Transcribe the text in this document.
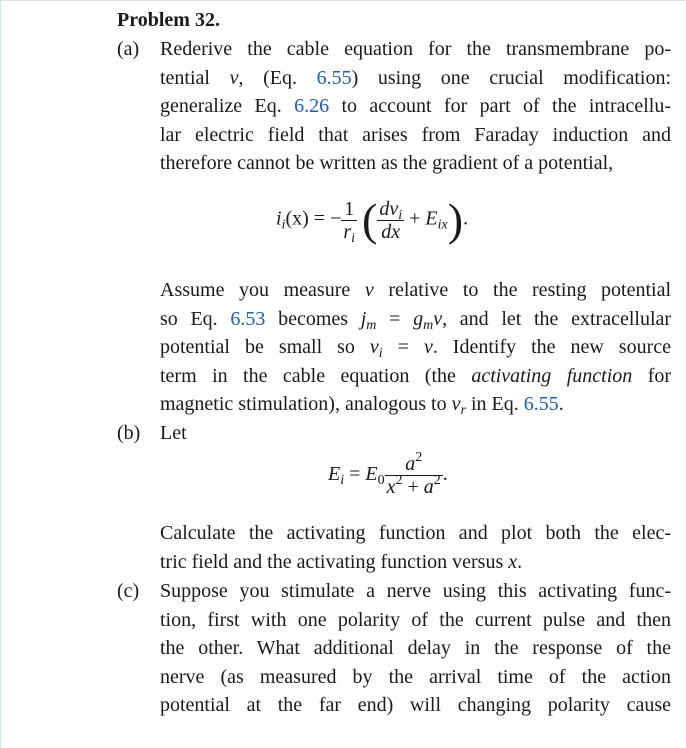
Problem 32.
(a)	Rederive the cable equation for the transmembrane po-
tential v, (Eq. 6.55) using one crucial modification:
generalize Eq. 6.26 to account for part of the intracellu-
lar electric field that arises from Faraday induction and
therefore cannot be written as the gradient of a potential,
$i_i(x)$ = − $\frac{1}{r_i}$ ( $\frac{dv_i}{dx} + E_{ix}$).
Assume you measure v relative to the resting potential
so Eq. 6.53 becomes $j_m = g_mv$, and let the extracellular
potential be small so $v_i = v$. Identify the new source
term in the cable equation (the activating function for
magnetic stimulation), analogous to $v_r$ in Eq. 6.55.
(b) Let
$E_i = E_0 \frac{a^2}{x^2 + a^2}$ .
Calculate the activating function and plot both the elec-
tric field and the activating function versus x.
(c)	Suppose you stimulate a nerve using this activating func-
tion, first with one polarity of the current pulse and then
the other. What additional delay in the response of the
nerve (as measured by the arrival time of the action
potential at the far end) will changing polarity cause
